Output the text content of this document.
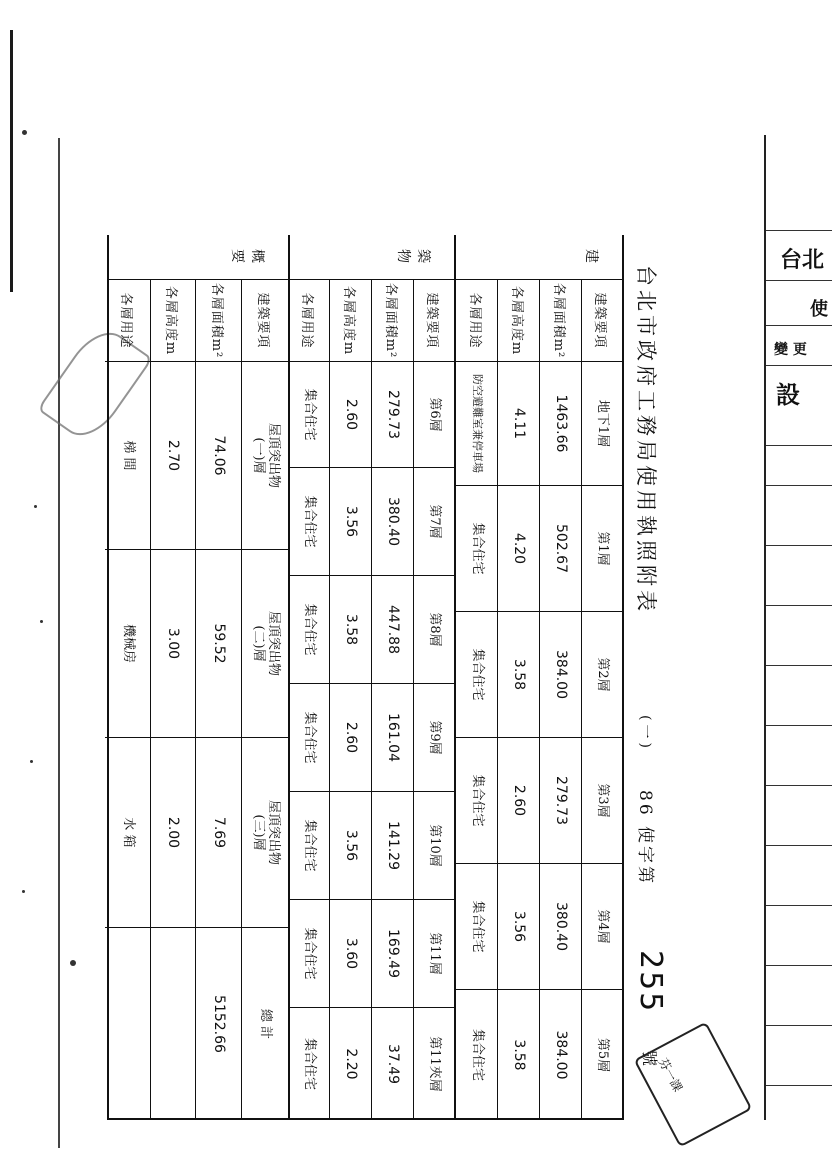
台北
使
變 更
設
台北市政府工務局使用執照附表
(一)
86 使字第
255
號
建
建築要項
地下1層
第1層
第2層
第3層
第4層
第5層
各層面積m²
1463.66
502.67
384.00
279.73
380.40
384.00
各層高度m
4.11
4.20
3.58
2.60
3.56
3.58
各層用途
防空避難室兼停車場
集合住宅
集合住宅
集合住宅
集合住宅
集合住宅
築 物
建築要項
第6層
第7層
第8層
第9層
第10層
第11層
第11夾層
各層面積m²
279.73
380.40
447.88
161.04
141.29
169.49
37.49
各層高度m
2.60
3.56
3.58
2.60
3.56
3.60
2.20
各層用途
集合住宅
集合住宅
集合住宅
集合住宅
集合住宅
集合住宅
集合住宅
概 要
建築要項
屋頂突出物(一)層
屋頂突出物(二)層
屋頂突出物(三)層
總 計
各層面積m²
74.06
59.52
7.69
5152.66
各層高度m
2.70
3.00
2.00
各層用途
梯 間
機械房
水 箱
芬一課
